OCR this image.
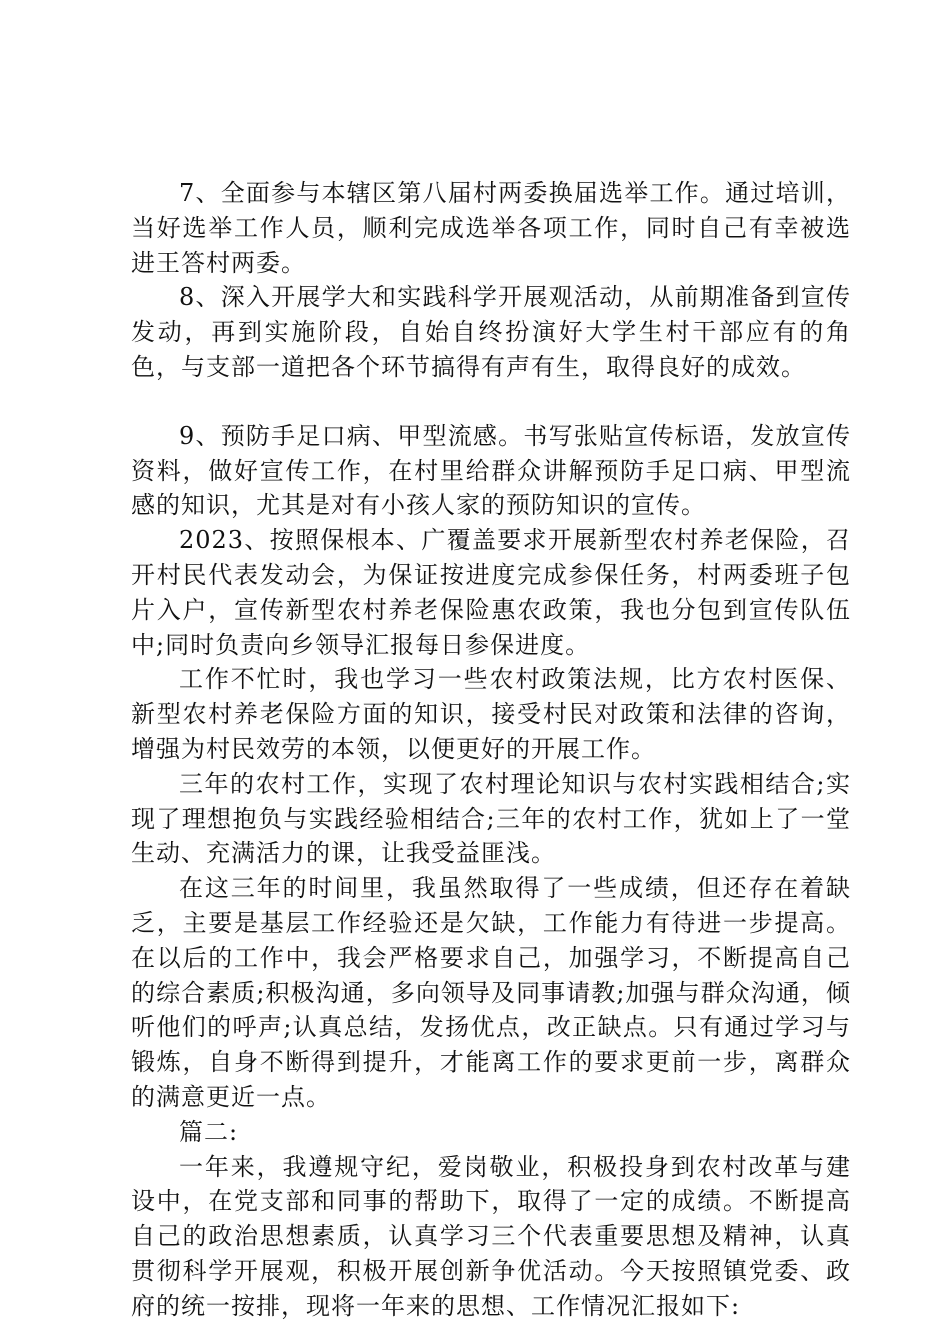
7、全面参与本辖区第八届村两委换届选举工作。通过培训，当好选举工作人员，顺利完成选举各项工作，同时自己有幸被选进王答村两委。

8、深入开展学大和实践科学开展观活动，从前期准备到宣传发动，再到实施阶段，自始自终扮演好大学生村干部应有的角色，与支部一道把各个环节搞得有声有生，取得良好的成效。

9、预防手足口病、甲型流感。书写张贴宣传标语，发放宣传资料，做好宣传工作，在村里给群众讲解预防手足口病、甲型流感的知识，尤其是对有小孩人家的预防知识的宣传。

2023、按照保根本、广覆盖要求开展新型农村养老保险，召开村民代表发动会，为保证按进度完成参保任务，村两委班子包片入户，宣传新型农村养老保险惠农政策，我也分包到宣传队伍中;同时负责向乡领导汇报每日参保进度。

工作不忙时，我也学习一些农村政策法规，比方农村医保、新型农村养老保险方面的知识，接受村民对政策和法律的咨询，增强为村民效劳的本领，以便更好的开展工作。

三年的农村工作，实现了农村理论知识与农村实践相结合;实现了理想抱负与实践经验相结合;三年的农村工作，犹如上了一堂生动、充满活力的课，让我受益匪浅。

在这三年的时间里，我虽然取得了一些成绩，但还存在着缺乏，主要是基层工作经验还是欠缺，工作能力有待进一步提高。在以后的工作中，我会严格要求自己，加强学习，不断提高自己的综合素质;积极沟通，多向领导及同事请教;加强与群众沟通，倾听他们的呼声;认真总结，发扬优点，改正缺点。只有通过学习与锻炼，自身不断得到提升，才能离工作的要求更前一步，离群众的满意更近一点。

篇二:

一年来，我遵规守纪，爱岗敬业，积极投身到农村改革与建设中，在党支部和同事的帮助下，取得了一定的成绩。不断提高自己的政治思想素质，认真学习三个代表重要思想及精神，认真贯彻科学开展观，积极开展创新争优活动。今天按照镇党委、政府的统一按排，现将一年来的思想、工作情况汇报如下:
